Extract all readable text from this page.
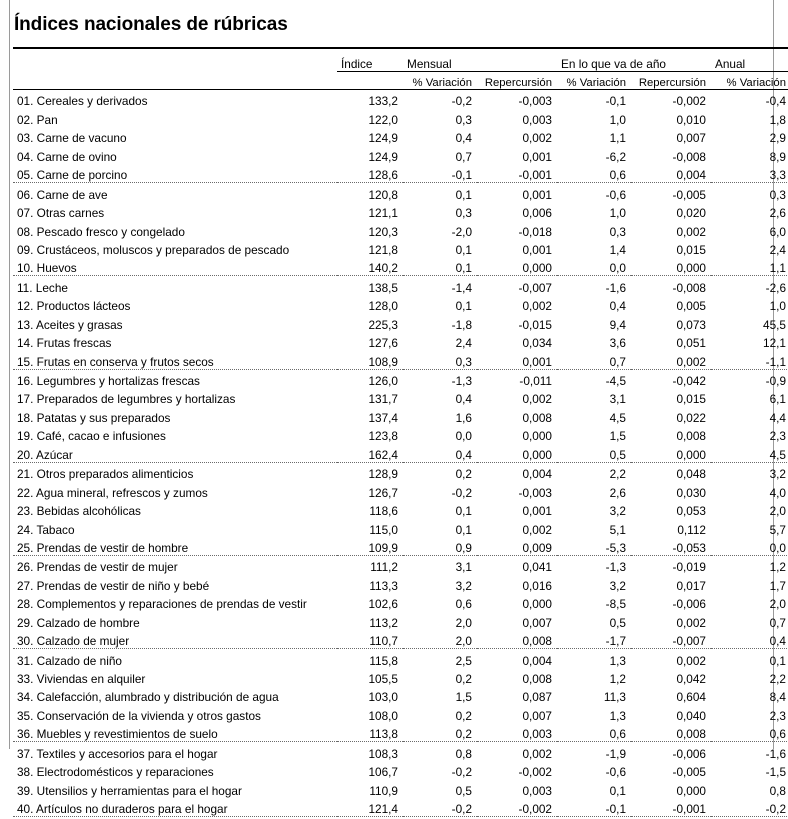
Índices nacionales de rúbricas

	Índice	Mensual		En lo que va de año		Anual
		% Variación	Repercursión	% Variación	Repercursión	% Variación
01. Cereales y derivados	133,2	-0,2	-0,003	-0,1	-0,002	-0,4
02. Pan	122,0	0,3	0,003	1,0	0,010	1,8
03. Carne de vacuno	124,9	0,4	0,002	1,1	0,007	2,9
04. Carne de ovino	124,9	0,7	0,001	-6,2	-0,008	8,9
05. Carne de porcino	128,6	-0,1	-0,001	0,6	0,004	3,3
06. Carne de ave	120,8	0,1	0,001	-0,6	-0,005	0,3
07. Otras carnes	121,1	0,3	0,006	1,0	0,020	2,6
08. Pescado fresco y congelado	120,3	-2,0	-0,018	0,3	0,002	6,0
09. Crustáceos, moluscos y preparados de pescado	121,8	0,1	0,001	1,4	0,015	2,4
10. Huevos	140,2	0,1	0,000	0,0	0,000	1,1
11. Leche	138,5	-1,4	-0,007	-1,6	-0,008	-2,6
12. Productos lácteos	128,0	0,1	0,002	0,4	0,005	1,0
13. Aceites y grasas	225,3	-1,8	-0,015	9,4	0,073	45,5
14. Frutas frescas	127,6	2,4	0,034	3,6	0,051	12,1
15. Frutas en conserva y frutos secos	108,9	0,3	0,001	0,7	0,002	-1,1
16. Legumbres y hortalizas frescas	126,0	-1,3	-0,011	-4,5	-0,042	-0,9
17. Preparados de legumbres y hortalizas	131,7	0,4	0,002	3,1	0,015	6,1
18. Patatas y sus preparados	137,4	1,6	0,008	4,5	0,022	4,4
19. Café, cacao e infusiones	123,8	0,0	0,000	1,5	0,008	2,3
20. Azúcar	162,4	0,4	0,000	0,5	0,000	4,5
21. Otros preparados alimenticios	128,9	0,2	0,004	2,2	0,048	3,2
22. Agua mineral, refrescos y zumos	126,7	-0,2	-0,003	2,6	0,030	4,0
23. Bebidas alcohólicas	118,6	0,1	0,001	3,2	0,053	2,0
24. Tabaco	115,0	0,1	0,002	5,1	0,112	5,7
25. Prendas de vestir de hombre	109,9	0,9	0,009	-5,3	-0,053	0,0
26. Prendas de vestir de mujer	111,2	3,1	0,041	-1,3	-0,019	1,2
27. Prendas de vestir de niño y bebé	113,3	3,2	0,016	3,2	0,017	1,7
28. Complementos y reparaciones de prendas de vestir	102,6	0,6	0,000	-8,5	-0,006	2,0
29. Calzado de hombre	113,2	2,0	0,007	0,5	0,002	0,7
30. Calzado de mujer	110,7	2,0	0,008	-1,7	-0,007	0,4
31. Calzado de niño	115,8	2,5	0,004	1,3	0,002	0,1
33. Viviendas en alquiler	105,5	0,2	0,008	1,2	0,042	2,2
34. Calefacción, alumbrado y distribución de agua	103,0	1,5	0,087	11,3	0,604	8,4
35. Conservación de la vivienda y otros gastos	108,0	0,2	0,007	1,3	0,040	2,3
36. Muebles y revestimientos de suelo	113,8	0,2	0,003	0,6	0,008	0,6
37. Textiles y accesorios para el hogar	108,3	0,8	0,002	-1,9	-0,006	-1,6
38. Electrodomésticos y reparaciones	106,7	-0,2	-0,002	-0,6	-0,005	-1,5
39. Utensilios y herramientas para el hogar	110,9	0,5	0,003	0,1	0,000	0,8
40. Artículos no duraderos para el hogar	121,4	-0,2	-0,002	-0,1	-0,001	-0,2
